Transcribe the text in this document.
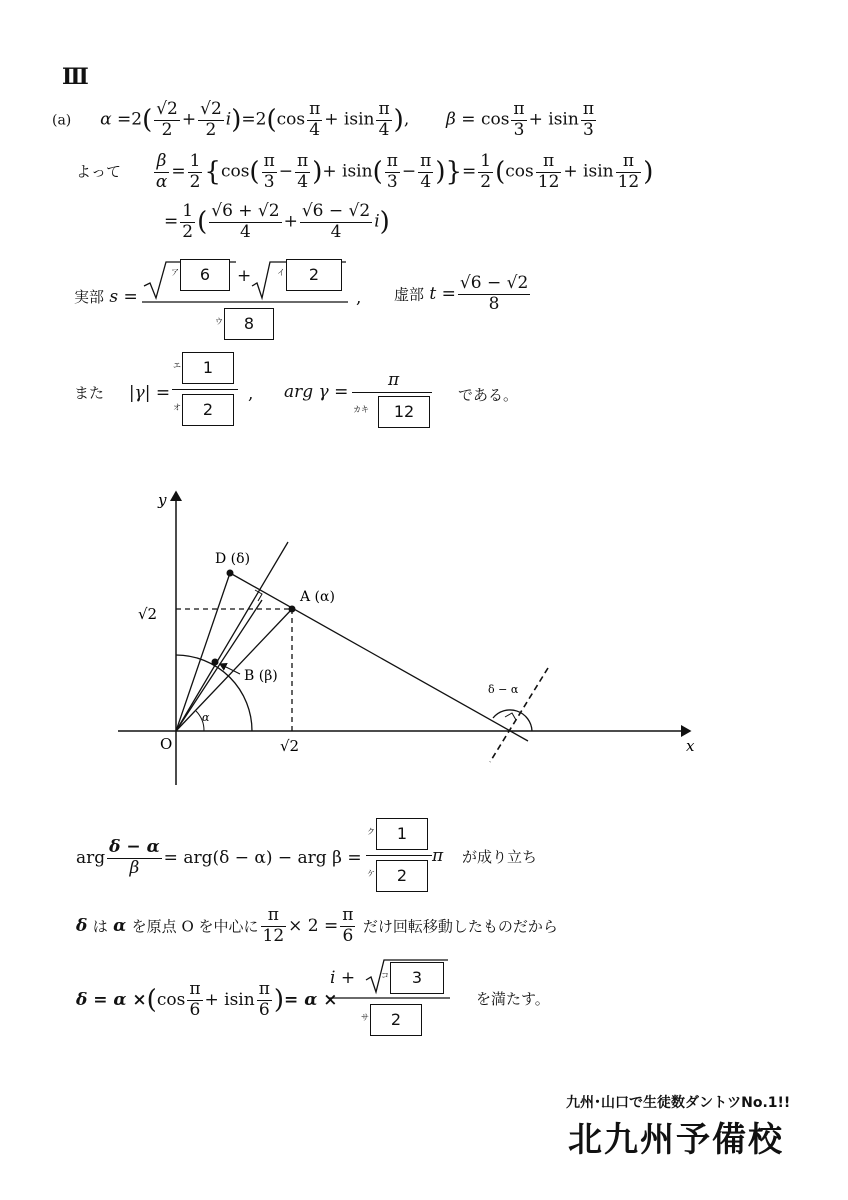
Ⅲ
(a) $\alpha =2( \frac{√2}{2} + \frac{√2}{2} i)=2(\cos \frac{\pi}{4} + isin \frac{\pi}{4}$ ), $\beta = \cos \frac{\pi}{3} + isin \frac{\pi}{3}$
よって $\frac{\beta}{\alpha} = \frac{1}{2} \{\cos( \frac{\pi}{3} - \frac{\pi}{4}$ )+ $isin( \frac{\pi}{3} - \frac{\pi}{4}$ )}= $\frac{1}{2} (\cos \frac{\pi}{12} + isin \frac{\pi}{12}$ )
= $\frac{1}{2}$ ( $\frac{√6 + √2}{4} + \frac{√6 - √2}{4} i$)
実部 s =
ア 6	+	イ 2
ウ 8
, 虚部 $t = \frac{√6 - √2}{8}$
また |γ| =
エ 1
オ 2
, arg γ =
π
カキ 12
である。
y
x
O
D (δ)
A (α)
B (β)
√2
√2
α
δ − α
arg $\frac{\delta - \alpha}{\beta} = arg(\delta - \alpha)$ − arg β =
ク 1
ケ 2
π が成り立ち
δ は α を原点 O を中心に $\frac{\pi}{12} \times 2 = \frac{\pi}{6}$ だけ回転移動したものだから
$\delta = \alpha \times(\cos \frac{\pi}{6} + isin \frac{\pi}{6}$ )= α ×
i +	コ 3
サ 2
を満たす。
九州･山口で生徒数ダントツNo.1!!
北九州予備校
